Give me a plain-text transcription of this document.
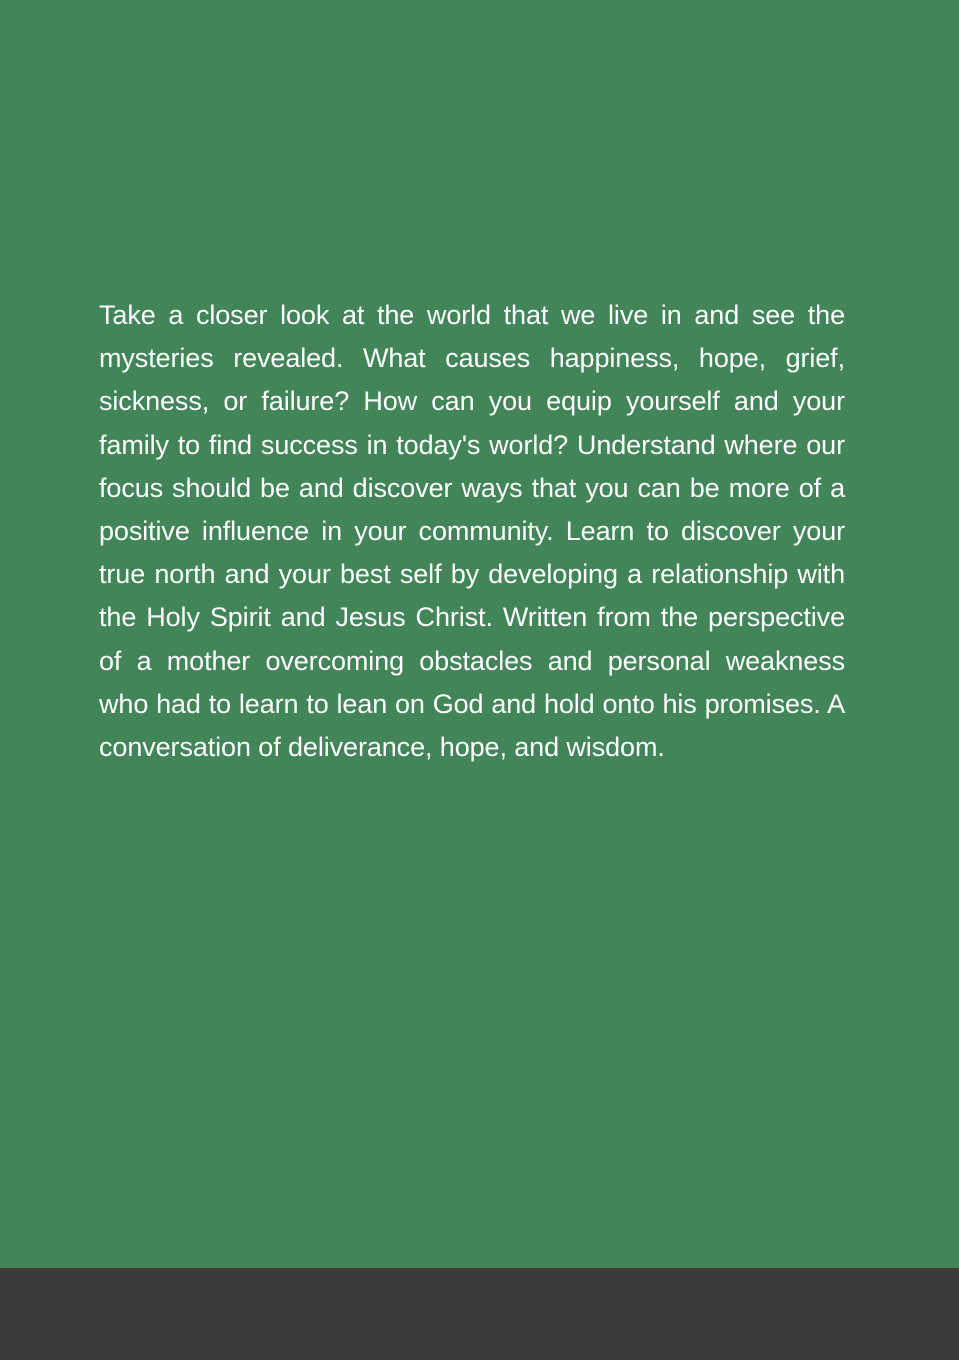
Take a closer look at the world that we live in and see the mysteries revealed. What causes happiness, hope, grief, sickness, or failure? How can you equip yourself and your family to find success in today's world? Understand where our focus should be and discover ways that you can be more of a positive influence in your community. Learn to discover your true north and your best self by developing a relationship with the Holy Spirit and Jesus Christ. Written from the perspective of a mother overcoming obstacles and personal weakness who had to learn to lean on God and hold onto his promises. A conversation of deliverance, hope, and wisdom.
